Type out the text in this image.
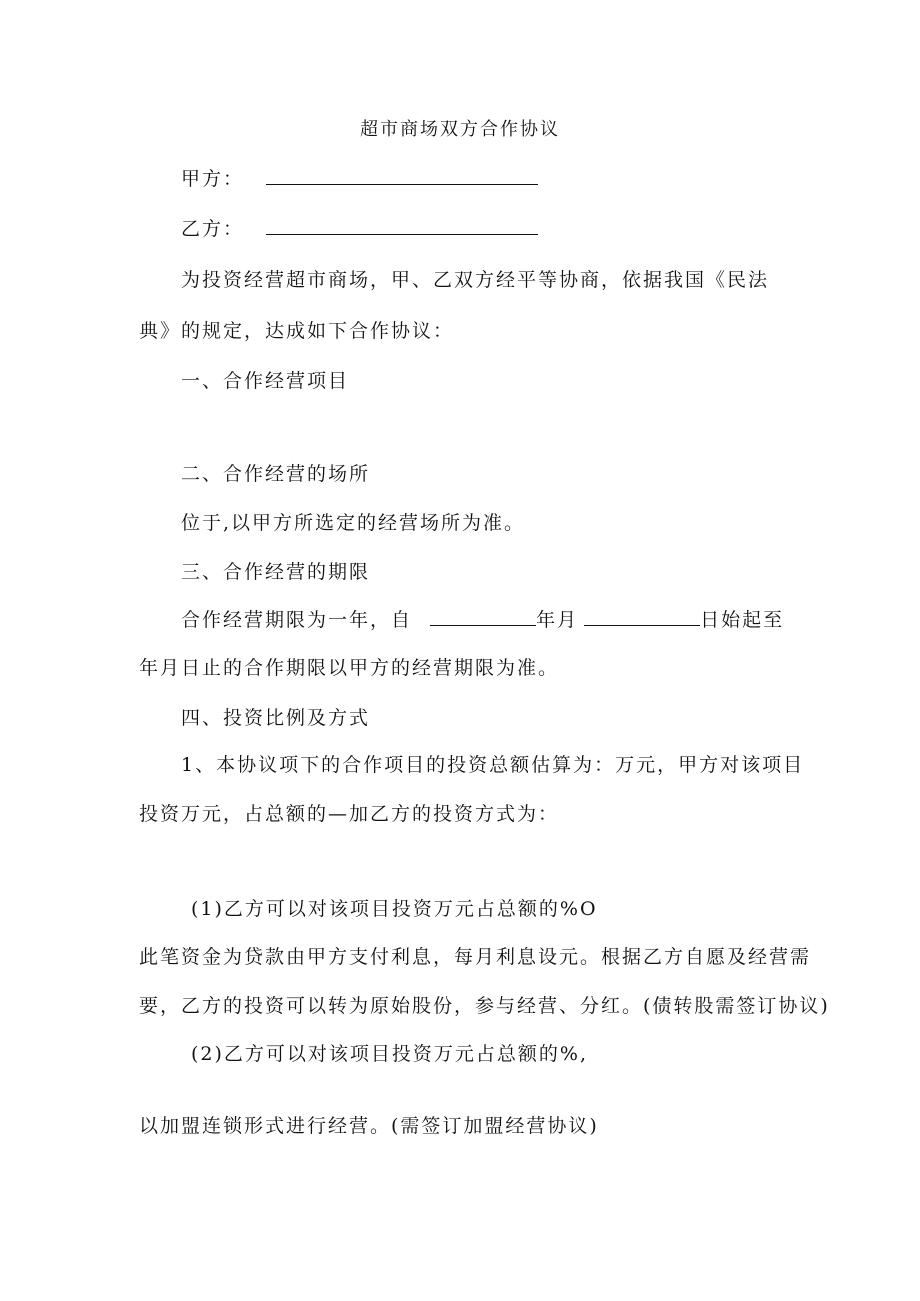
超市商场双方合作协议
甲方：
乙方：
为投资经营超市商场，甲、乙双方经平等协商，依据我国《民法
典》的规定，达成如下合作协议：
一、合作经营项目
二、合作经营的场所
位于,以甲方所选定的经营场所为准。
三、合作经营的期限
合作经营期限为一年，自	年月	日始起至
年月日止的合作期限以甲方的经营期限为准。
四、投资比例及方式
1、本协议项下的合作项目的投资总额估算为：万元，甲方对该项目
投资万元，占总额的—加乙方的投资方式为：
(1)乙方可以对该项目投资万元占总额的%O
此笔资金为贷款由甲方支付利息，每月利息设元。根据乙方自愿及经营需
要，乙方的投资可以转为原始股份，参与经营、分红。(债转股需签订协议)
(2)乙方可以对该项目投资万元占总额的%,
以加盟连锁形式进行经营。(需签订加盟经营协议)
